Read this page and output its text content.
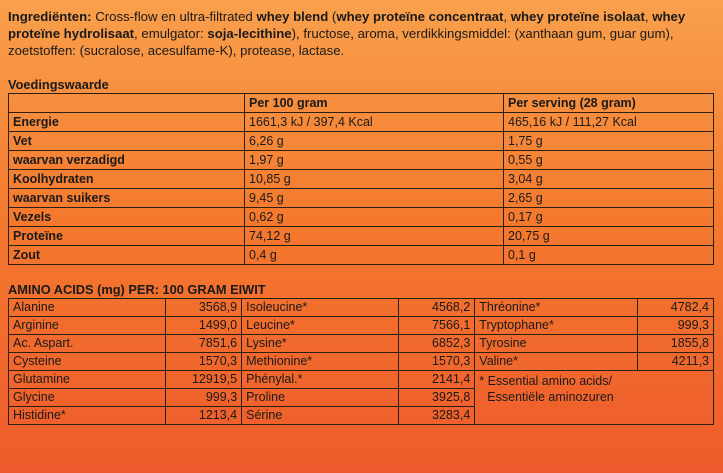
Ingrediënten: Cross-flow en ultra-filtrated whey blend (whey proteïne concentraat, whey proteïne isolaat, whey proteïne hydrolisaat, emulgator: soja-lecithine), fructose, aroma, verdikkingsmiddel: (xanthaan gum, guar gum), zoetstoffen: (sucralose, acesulfame-K), protease, lactase.

Voedingswaarde
	Per 100 gram	Per serving (28 gram)
Energie	1661,3 kJ / 397,4 Kcal	465,16 kJ / 111,27 Kcal
Vet	6,26 g	1,75 g
waarvan verzadigd	1,97 g	0,55 g
Koolhydraten	10,85 g	3,04 g
waarvan suikers	9,45 g	2,65 g
Vezels	0,62 g	0,17 g
Proteïne	74,12 g	20,75 g
Zout	0,4 g	0,1 g
AMINO ACIDS (mg) PER: 100 GRAM EIWIT
Alanine	3568,9	Isoleucine*	4568,2	Thréonine*	4782,4
Arginine	1499,0	Leucine*	7566,1	Tryptophane*	999,3
Ac. Aspart.	7851,6	Lysine*	6852,3	Tyrosine	1855,8
Cysteine	1570,3	Methionine*	1570,3	Valine*	4211,3
Glutamine	12919,5	Phénylal.*	2141,4	* Essential amino acids/
Essentiële aminozuren	

Glycine	999,3	Proline	3925,8		
Histidine*	1213,4	Sérine	3283,4		
